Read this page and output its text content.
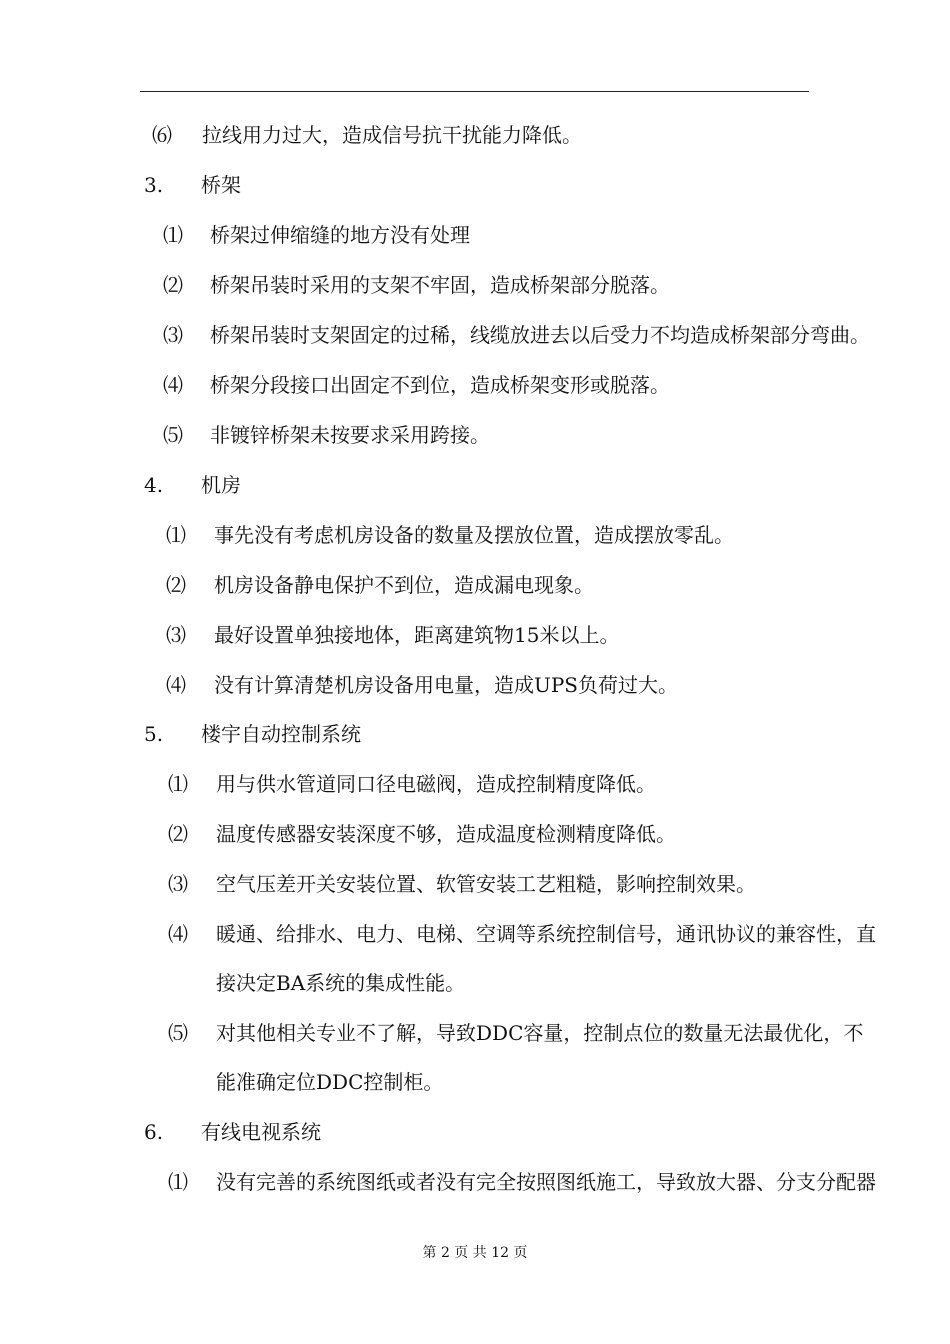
⑹ 拉线用力过大，造成信号抗干扰能力降低。
3. 桥架
⑴ 桥架过伸缩缝的地方没有处理
⑵ 桥架吊装时采用的支架不牢固，造成桥架部分脱落。
⑶ 桥架吊装时支架固定的过稀，线缆放进去以后受力不均造成桥架部分弯曲。
⑷ 桥架分段接口出固定不到位，造成桥架变形或脱落。
⑸ 非镀锌桥架未按要求采用跨接。
4. 机房
⑴ 事先没有考虑机房设备的数量及摆放位置，造成摆放零乱。
⑵ 机房设备静电保护不到位，造成漏电现象。
⑶ 最好设置单独接地体，距离建筑物15米以上。
⑷ 没有计算清楚机房设备用电量，造成UPS负荷过大。
5. 楼宇自动控制系统
⑴ 用与供水管道同口径电磁阀，造成控制精度降低。
⑵ 温度传感器安装深度不够，造成温度检测精度降低。
⑶ 空气压差开关安装位置、软管安装工艺粗糙，影响控制效果。
⑷ 暖通、给排水、电力、电梯、空调等系统控制信号，通讯协议的兼容性，直
接决定BA系统的集成性能。
⑸ 对其他相关专业不了解，导致DDC容量，控制点位的数量无法最优化，不
能准确定位DDC控制柜。
6. 有线电视系统
⑴ 没有完善的系统图纸或者没有完全按照图纸施工，导致放大器、分支分配器
第 2 页 共 12 页
